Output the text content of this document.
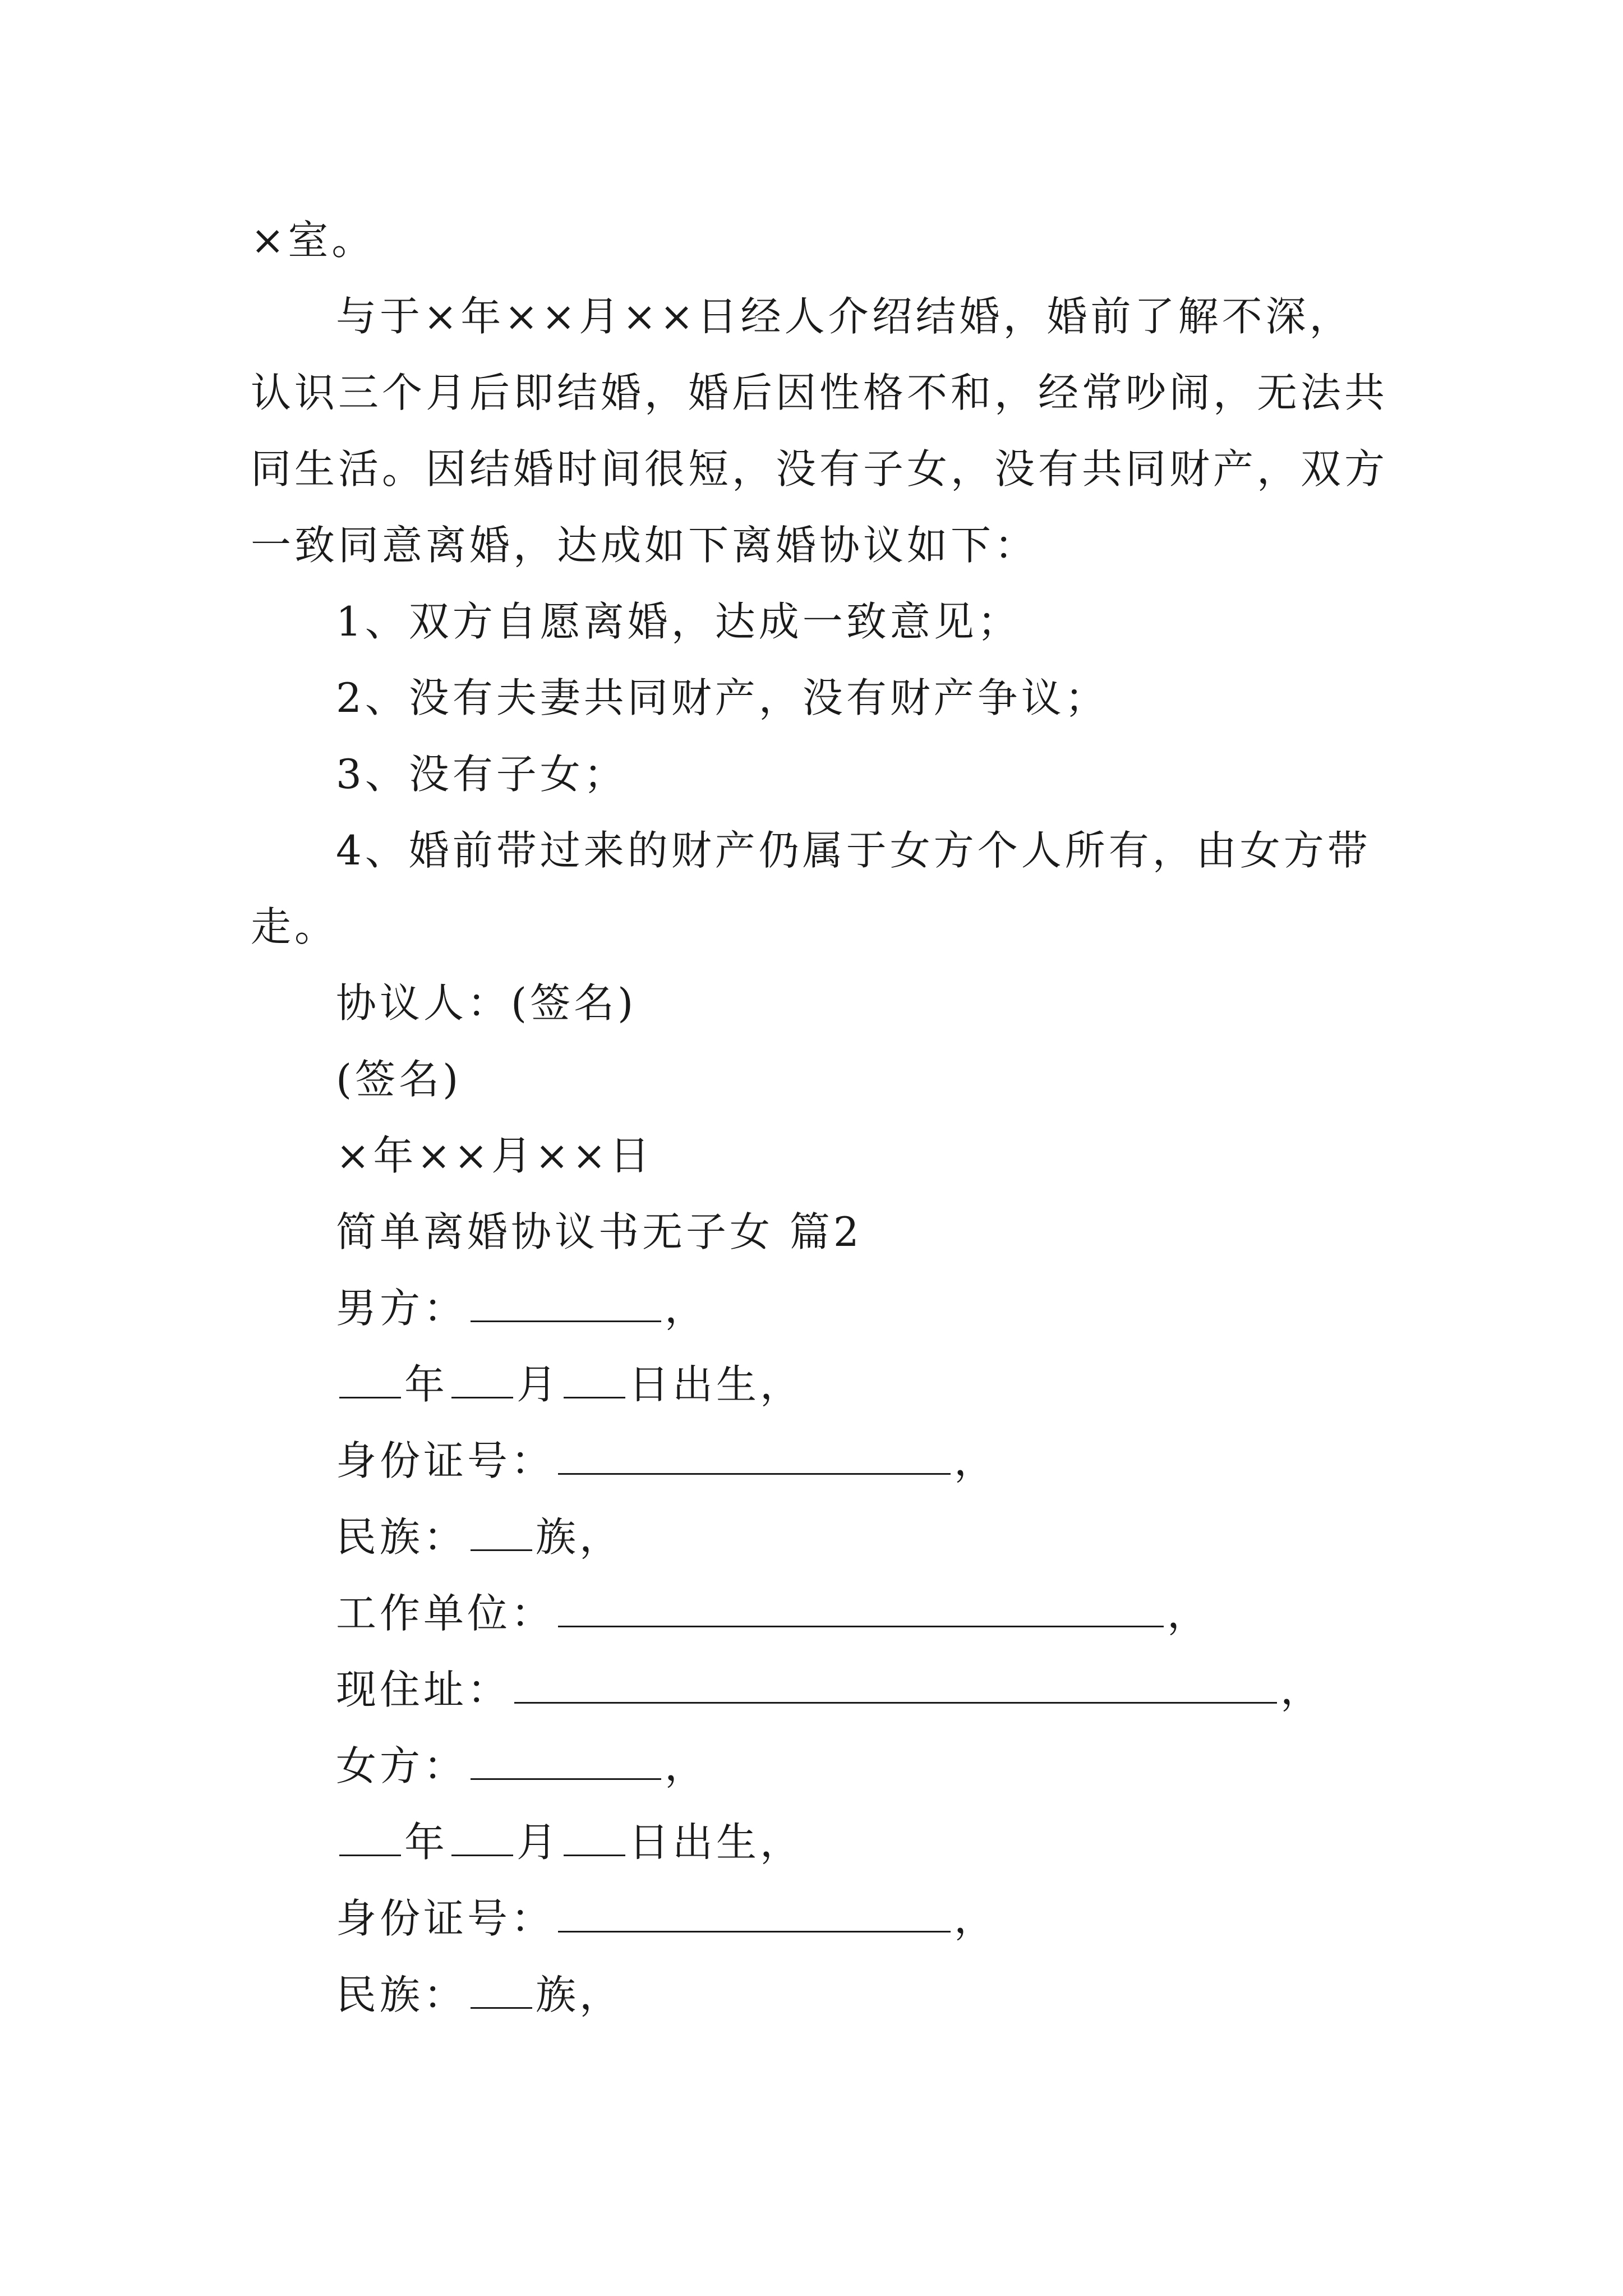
×室。
与于×年××月××日经人介绍结婚，婚前了解不深，
认识三个月后即结婚，婚后因性格不和，经常吵闹，无法共
同生活。因结婚时间很短，没有子女，没有共同财产，双方
一致同意离婚，达成如下离婚协议如下：
1、双方自愿离婚，达成一致意见；
2、没有夫妻共同财产，没有财产争议；
3、没有子女；
4、婚前带过来的财产仍属于女方个人所有，由女方带
走。
协议人：(签名)
(签名)
×年××月××日
简单离婚协议书无子女 篇2
男方：	，
年 月 日出生，
身份证号：	，
民族： 族，
工作单位：	，
现住址：	，
女方：	，
年 月 日出生，
身份证号：	，
民族： 族，
